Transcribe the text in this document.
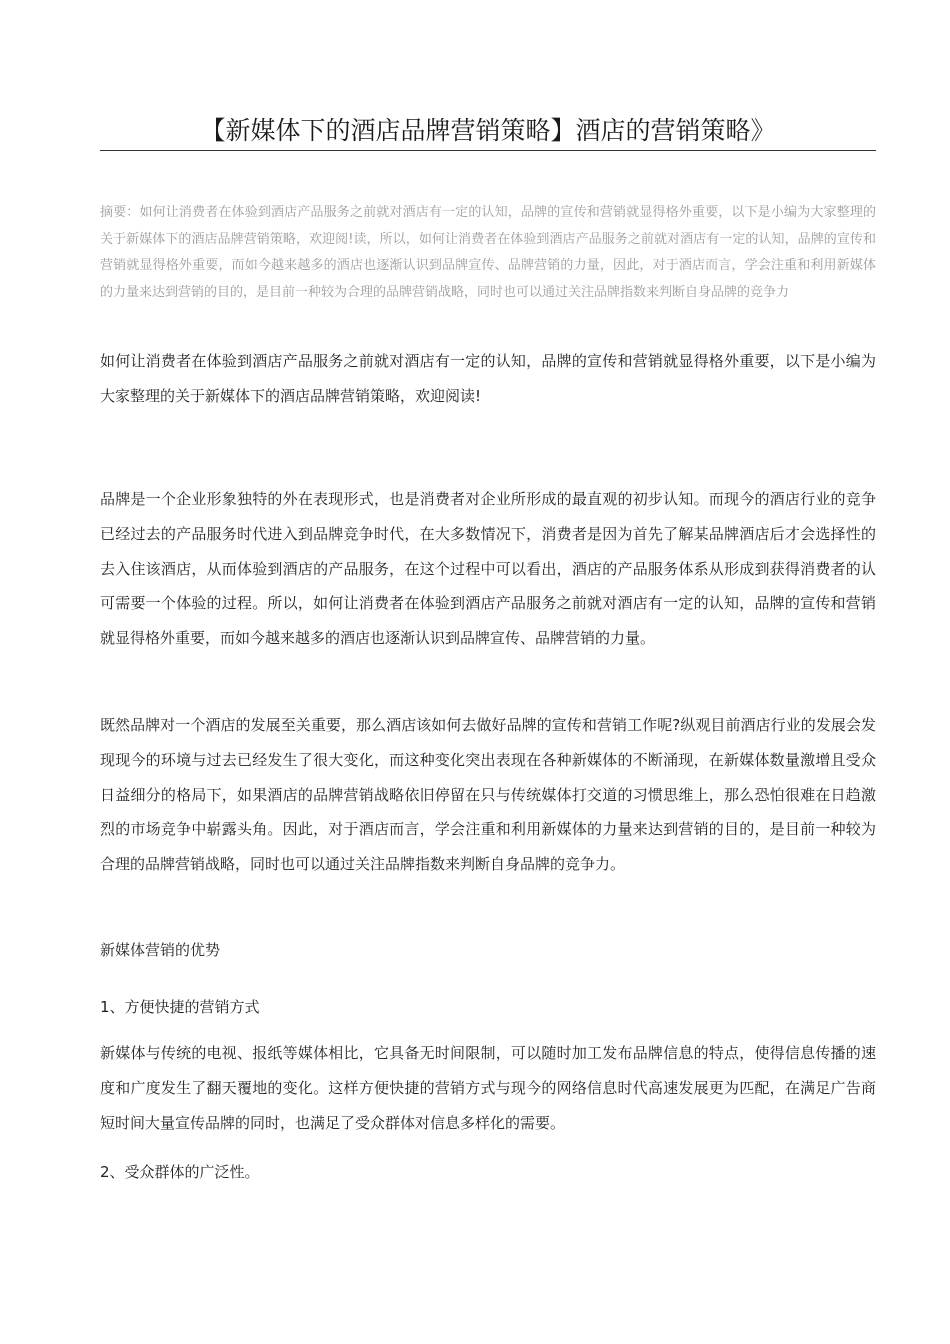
【新媒体下的酒店品牌营销策略】酒店的营销策略》

摘要：如何让消费者在体验到酒店产品服务之前就对酒店有一定的认知，品牌的宣传和营销就显得格外重要，以下是小编为大家整理的关于新媒体下的酒店品牌营销策略，欢迎阅!读，所以，如何让消费者在体验到酒店产品服务之前就对酒店有一定的认知，品牌的宣传和营销就显得格外重要，而如今越来越多的酒店也逐渐认识到品牌宣传、品牌营销的力量，因此，对于酒店而言，学会注重和利用新媒体的力量来达到营销的目的，是目前一种较为合理的品牌营销战略，同时也可以通过关注品牌指数来判断自身品牌的竞争力

如何让消费者在体验到酒店产品服务之前就对酒店有一定的认知，品牌的宣传和营销就显得格外重要，以下是小编为大家整理的关于新媒体下的酒店品牌营销策略，欢迎阅读!

品牌是一个企业形象独特的外在表现形式，也是消费者对企业所形成的最直观的初步认知。而现今的酒店行业的竞争已经过去的产品服务时代进入到品牌竞争时代，在大多数情况下，消费者是因为首先了解某品牌酒店后才会选择性的去入住该酒店，从而体验到酒店的产品服务，在这个过程中可以看出，酒店的产品服务体系从形成到获得消费者的认可需要一个体验的过程。所以，如何让消费者在体验到酒店产品服务之前就对酒店有一定的认知，品牌的宣传和营销就显得格外重要，而如今越来越多的酒店也逐渐认识到品牌宣传、品牌营销的力量。

既然品牌对一个酒店的发展至关重要，那么酒店该如何去做好品牌的宣传和营销工作呢?纵观目前酒店行业的发展会发现现今的环境与过去已经发生了很大变化，而这种变化突出表现在各种新媒体的不断涌现，在新媒体数量激增且受众日益细分的格局下，如果酒店的品牌营销战略依旧停留在只与传统媒体打交道的习惯思维上，那么恐怕很难在日趋激烈的市场竞争中崭露头角。因此，对于酒店而言，学会注重和利用新媒体的力量来达到营销的目的，是目前一种较为合理的品牌营销战略，同时也可以通过关注品牌指数来判断自身品牌的竞争力。

新媒体营销的优势

1、方便快捷的营销方式

新媒体与传统的电视、报纸等媒体相比，它具备无时间限制，可以随时加工发布品牌信息的特点，使得信息传播的速度和广度发生了翻天覆地的变化。这样方便快捷的营销方式与现今的网络信息时代高速发展更为匹配，在满足广告商短时间大量宣传品牌的同时，也满足了受众群体对信息多样化的需要。

2、受众群体的广泛性。
